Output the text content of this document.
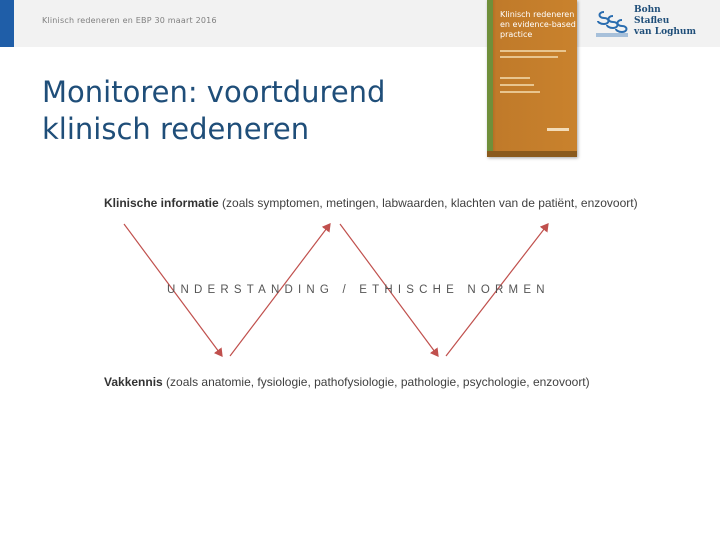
Klinisch redeneren en EBP 30 maart 2016
Monitoren: voortdurend
klinisch redeneren
Klinisch redeneren
en evidence-based
practice
Bohn
Stafleu
van Loghum
Klinische informatie (zoals symptomen, metingen, labwaarden, klachten van de patiënt, enzovoort)
UNDERSTANDING / ETHISCHE NORMEN
Vakkennis (zoals anatomie, fysiologie, pathofysiologie, pathologie, psychologie, enzovoort)
